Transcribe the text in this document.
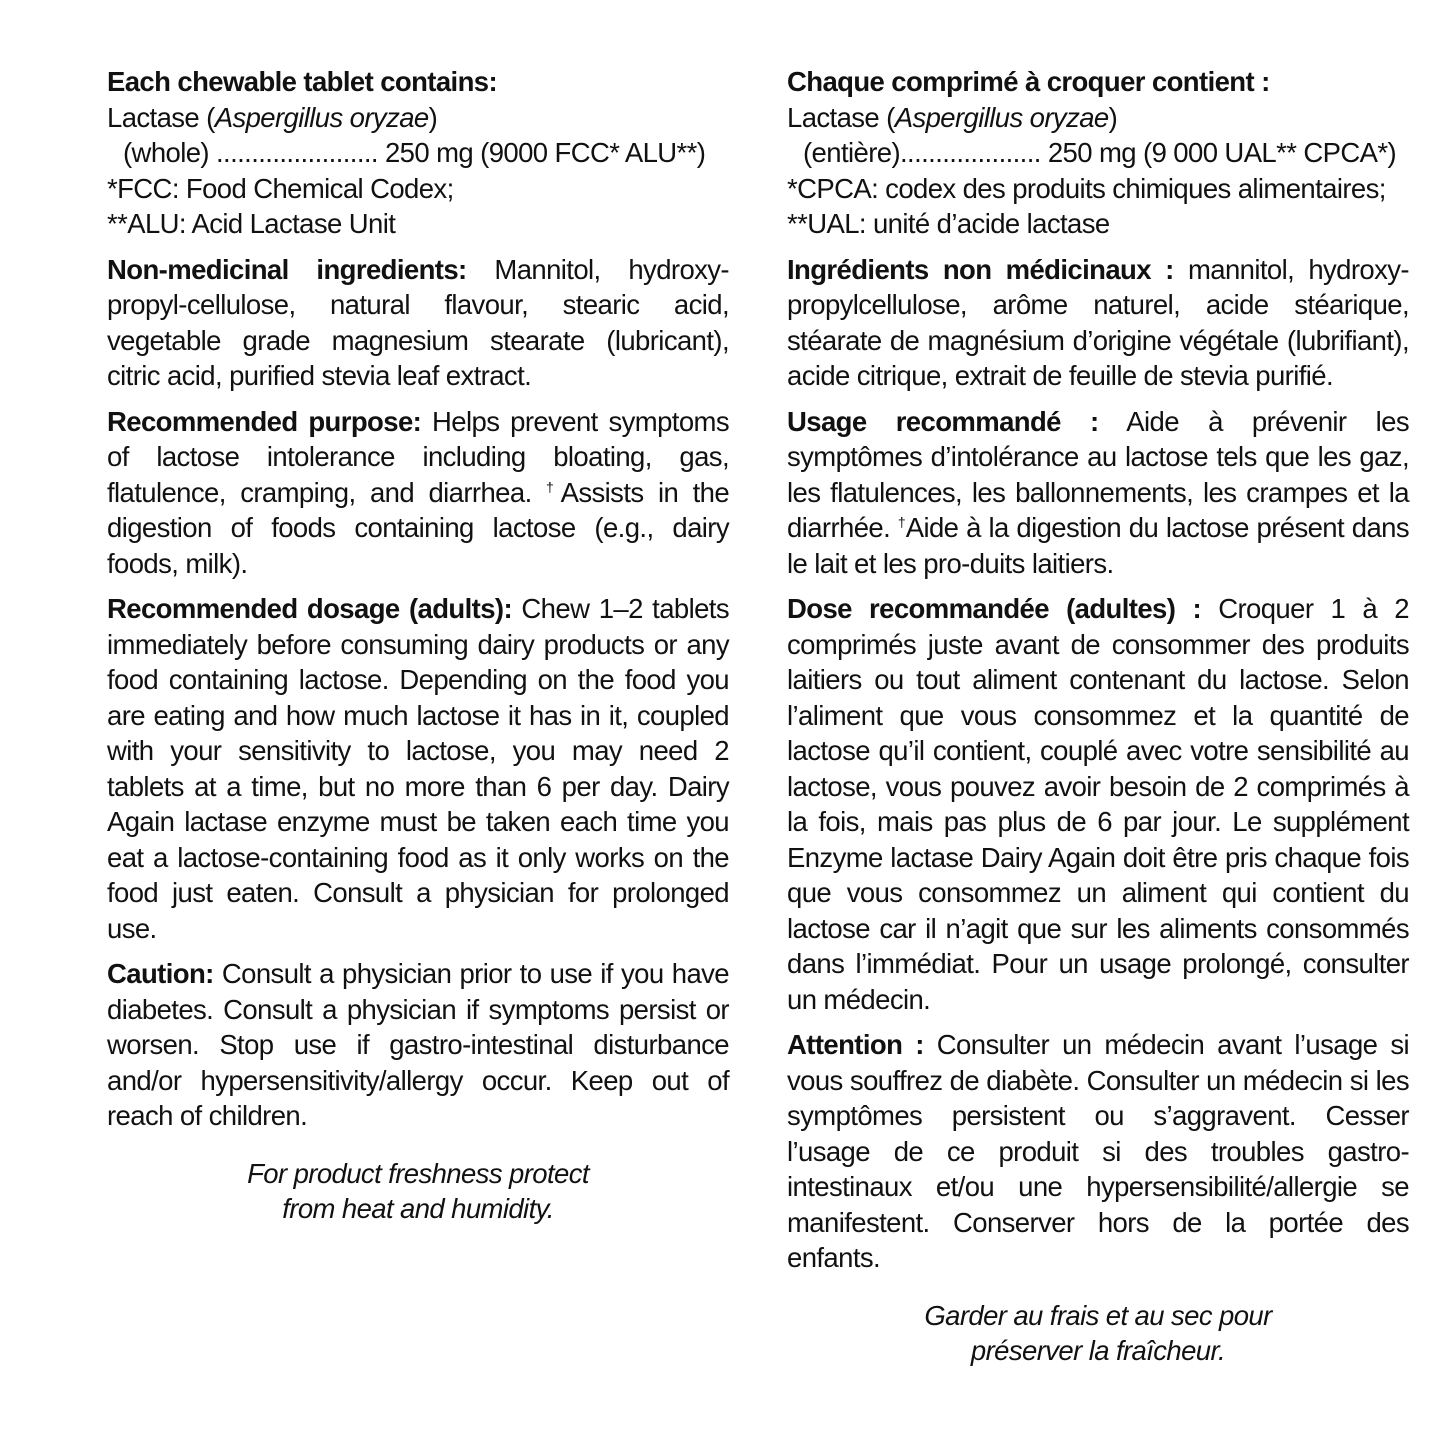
Each chewable tablet contains:
Lactase (Aspergillus oryzae)
(whole) ....................... 250 mg (9000 FCC* ALU**)
*FCC: Food Chemical Codex;
**ALU: Acid Lactase Unit
Non-medicinal ingredients: Mannitol, hydroxy-propyl-cellulose, natural flavour, stearic acid, vegetable grade magnesium stearate (lubricant), citric acid, purified stevia leaf extract.
Recommended purpose: Helps prevent symptoms of lactose intolerance including bloating, gas, flatulence, cramping, and diarrhea. †Assists in the digestion of foods containing lactose (e.g., dairy foods, milk).
Recommended dosage (adults): Chew 1–2 tablets immediately before consuming dairy products or any food containing lactose. Depending on the food you are eating and how much lactose it has in it, coupled with your sensitivity to lactose, you may need 2 tablets at a time, but no more than 6 per day. Dairy Again lactase enzyme must be taken each time you eat a lactose-containing food as it only works on the food just eaten. Consult a physician for prolonged use.
Caution: Consult a physician prior to use if you have diabetes. Consult a physician if symptoms persist or worsen. Stop use if gastro-intestinal disturbance and/or hypersensitivity/allergy occur. Keep out of reach of children.
For product freshness protect
from heat and humidity.
Chaque comprimé à croquer contient :
Lactase (Aspergillus oryzae)
(entière).................... 250 mg (9 000 UAL** CPCA*)
*CPCA: codex des produits chimiques alimentaires;
**UAL: unité d’acide lactase
Ingrédients non médicinaux : mannitol, hydroxy-propylcellulose, arôme naturel, acide stéarique, stéarate de magnésium d’origine végétale (lubrifiant), acide citrique, extrait de feuille de stevia purifié.
Usage recommandé : Aide à prévenir les symptômes d’intolérance au lactose tels que les gaz, les flatulences, les ballonnements, les crampes et la diarrhée. †Aide à la digestion du lactose présent dans le lait et les pro-duits laitiers.
Dose recommandée (adultes) : Croquer 1 à 2 comprimés juste avant de consommer des produits laitiers ou tout aliment contenant du lactose. Selon l’aliment que vous consommez et la quantité de lactose qu’il contient, couplé avec votre sensibilité au lactose, vous pouvez avoir besoin de 2 comprimés à la fois, mais pas plus de 6 par jour. Le supplément Enzyme lactase Dairy Again doit être pris chaque fois que vous consommez un aliment qui contient du lactose car il n’agit que sur les aliments consommés dans l’immédiat. Pour un usage prolongé, consulter un médecin.
Attention : Consulter un médecin avant l’usage si vous souffrez de diabète. Consulter un médecin si les symptômes persistent ou s’aggravent. Cesser l’usage de ce produit si des troubles gastro-intestinaux et/ou une hypersensibilité/allergie se manifestent. Conserver hors de la portée des enfants.
Garder au frais et au sec pour
préserver la fraîcheur.
